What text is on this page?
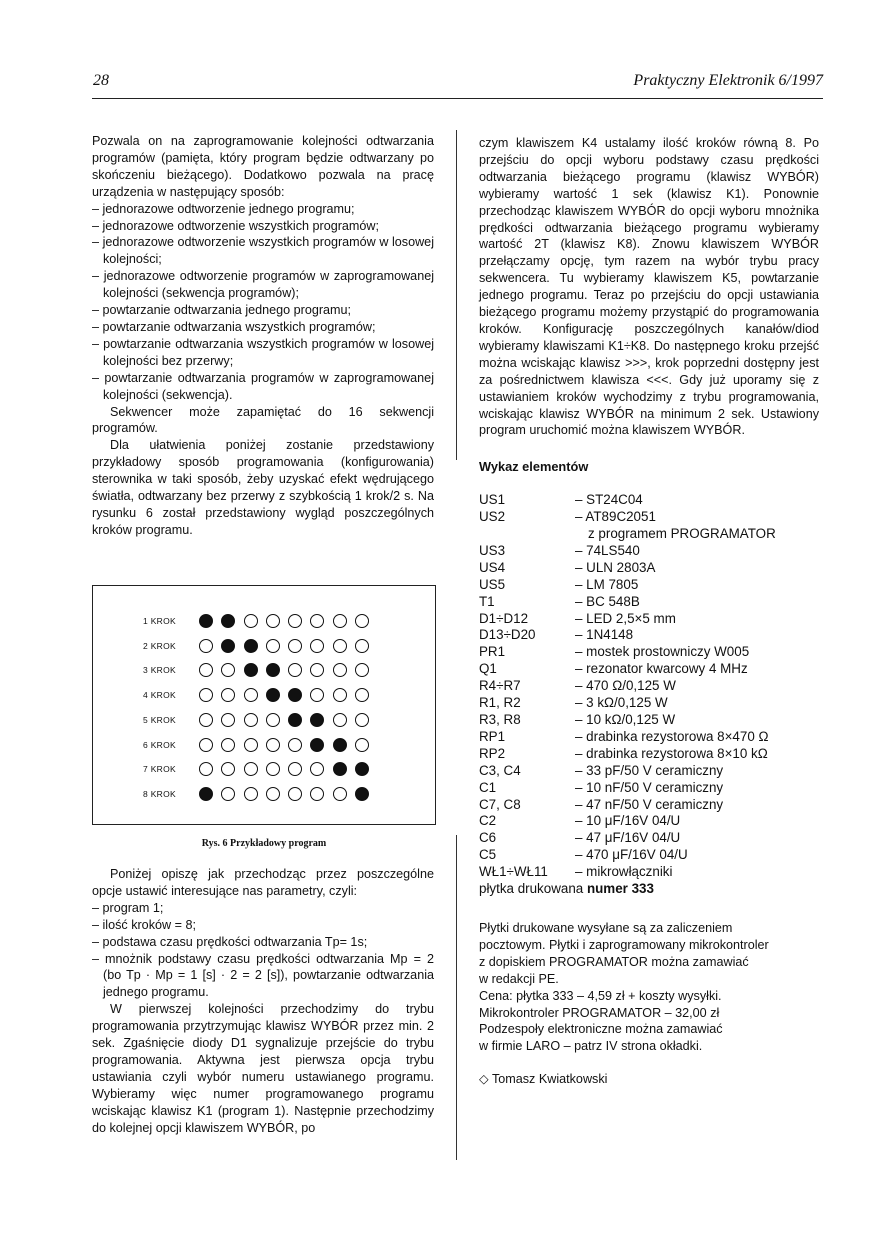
28	Praktyczny Elektronik 6/1997

Pozwala on na zaprogramowanie kolejności odtwarzania programów (pamięta, który program będzie odtwarzany po skończeniu bieżącego). Dodatkowo pozwala na pracę urządzenia w następujący sposób:

– jednorazowe odtworzenie jednego programu;

– jednorazowe odtworzenie wszystkich programów;

– jednorazowe odtworzenie wszystkich programów w losowej kolejności;

– jednorazowe odtworzenie programów w zaprogramowanej kolejności (sekwencja programów);

– powtarzanie odtwarzania jednego programu;

– powtarzanie odtwarzania wszystkich programów;

– powtarzanie odtwarzania wszystkich programów w losowej kolejności bez przerwy;

– powtarzanie odtwarzania programów w zaprogramowanej kolejności (sekwencja).

Sekwencer może zapamiętać do 16 sekwencji programów.

Dla ułatwienia poniżej zostanie przedstawiony przykładowy sposób programowania (konfigurowania) sterownika w taki sposób, żeby uzyskać efekt wędrującego światła, odtwarzany bez przerwy z szybkością 1 krok/2 s. Na rysunku 6 został przedstawiony wygląd poszczególnych kroków programu.

1 KROK
2 KROK
3 KROK
4 KROK
5 KROK
6 KROK
7 KROK
8 KROK
Rys. 6 Przykładowy program

Poniżej opiszę jak przechodząc przez poszczególne opcje ustawić interesujące nas parametry, czyli:

– program 1;

– ilość kroków = 8;

– podstawa czasu prędkości odtwarzania Tp= 1s;

– mnożnik podstawy czasu prędkości odtwarzania Mp = 2 (bo Tp · Mp = 1 [s] · 2 = 2 [s]), powtarzanie odtwarzania jednego programu.

W pierwszej kolejności przechodzimy do trybu programowania przytrzymując klawisz WYBÓR przez min. 2 sek. Zgaśnięcie diody D1 sygnalizuje przejście do trybu programowania. Aktywna jest pierwsza opcja trybu ustawiania czyli wybór numeru ustawianego programu. Wybieramy więc numer programowanego programu wciskając klawisz K1 (program 1). Następnie przechodzimy do kolejnej opcji klawiszem WYBÓR, po

czym klawiszem K4 ustalamy ilość kroków równą 8. Po przejściu do opcji wyboru podstawy czasu prędkości odtwarzania bieżącego programu (klawisz WYBÓR) wybieramy wartość 1 sek (klawisz K1). Ponownie przechodząc klawiszem WYBÓR do opcji wyboru mnożnika prędkości odtwarzania bieżącego programu wybieramy wartość 2T (klawisz K8). Znowu klawiszem WYBÓR przełączamy opcję, tym razem na wybór trybu pracy sekwencera. Tu wybieramy klawiszem K5, powtarzanie jednego programu. Teraz po przejściu do opcji ustawiania bieżącego programu możemy przystąpić do programowania kroków. Konfigurację poszczególnych kanałów/diod wybieramy klawiszami K1÷K8. Do następnego kroku przejść można wciskając klawisz >>>, krok poprzedni dostępny jest za pośrednictwem klawisza <<<. Gdy już uporamy się z ustawianiem kroków wychodzimy z trybu programowania, wciskając klawisz WYBÓR na minimum 2 sek. Ustawiony program uruchomić można klawiszem WYBÓR.

Wykaz elementów

US1	– ST24C04
US2	– AT89C2051
z programem PROGRAMATOR
US3	– 74LS540
US4	– ULN 2803A
US5	– LM 7805
T1	– BC 548B
D1÷D12	– LED 2,5×5 mm
D13÷D20	– 1N4148
PR1	– mostek prostowniczy W005
Q1	– rezonator kwarcowy 4 MHz
R4÷R7	– 470 Ω/0,125 W
R1, R2	– 3 kΩ/0,125 W
R3, R8	– 10 kΩ/0,125 W
RP1	– drabinka rezystorowa 8×470 Ω
RP2	– drabinka rezystorowa 8×10 kΩ
C3, C4	– 33 pF/50 V ceramiczny
C1	– 10 nF/50 V ceramiczny
C7, C8	– 47 nF/50 V ceramiczny
C2	– 10 μF/16V 04/U
C6	– 47 μF/16V 04/U
C5	– 470 μF/16V 04/U
WŁ1÷WŁ11	– mikrowłączniki

płytka drukowana numer 333

Płytki drukowane wysyłane są za zaliczeniem

pocztowym. Płytki i zaprogramowany mikrokontroler

z dopiskiem PROGRAMATOR można zamawiać

w redakcji PE.

Cena: płytka 333 – 4,59 zł + koszty wysyłki.

Mikrokontroler PROGRAMATOR – 32,00 zł

Podzespoły elektroniczne można zamawiać

w firmie LARO – patrz IV strona okładki.

◇ Tomasz Kwiatkowski
